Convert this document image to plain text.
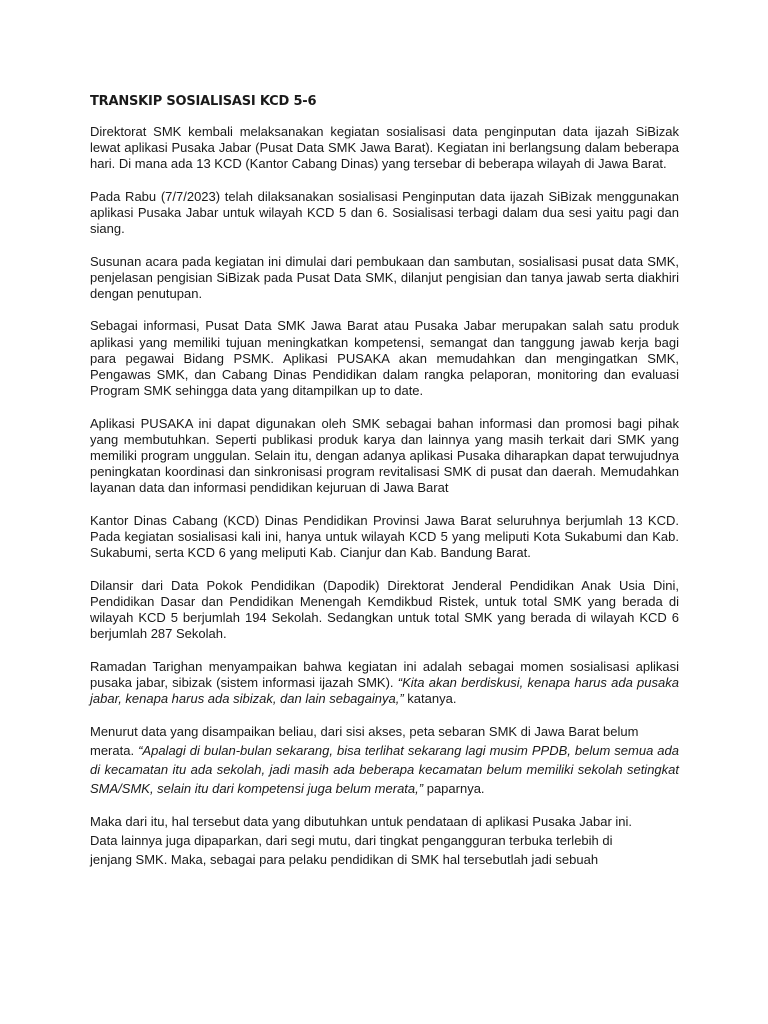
TRANSKIP SOSIALISASI KCD 5-6

Direktorat SMK kembali melaksanakan kegiatan sosialisasi data penginputan data ijazah SiBizak lewat aplikasi Pusaka Jabar (Pusat Data SMK Jawa Barat). Kegiatan ini berlangsung dalam beberapa hari. Di mana ada 13 KCD (Kantor Cabang Dinas) yang tersebar di beberapa wilayah di Jawa Barat.

Pada Rabu (7/7/2023) telah dilaksanakan sosialisasi Penginputan data ijazah SiBizak menggunakan aplikasi Pusaka Jabar untuk wilayah KCD 5 dan 6. Sosialisasi terbagi dalam dua sesi yaitu pagi dan siang.

Susunan acara pada kegiatan ini dimulai dari pembukaan dan sambutan, sosialisasi pusat data SMK, penjelasan pengisian SiBizak pada Pusat Data SMK, dilanjut pengisian dan tanya jawab serta diakhiri dengan penutupan.

Sebagai informasi, Pusat Data SMK Jawa Barat atau Pusaka Jabar merupakan salah satu produk aplikasi yang memiliki tujuan meningkatkan kompetensi, semangat dan tanggung jawab kerja bagi para pegawai Bidang PSMK. Aplikasi PUSAKA akan memudahkan dan mengingatkan SMK, Pengawas SMK, dan Cabang Dinas Pendidikan dalam rangka pelaporan, monitoring dan evaluasi Program SMK sehingga data yang ditampilkan up to date.

Aplikasi PUSAKA ini dapat digunakan oleh SMK sebagai bahan informasi dan promosi bagi pihak yang membutuhkan. Seperti publikasi produk karya dan lainnya yang masih terkait dari SMK yang memiliki program unggulan. Selain itu, dengan adanya aplikasi Pusaka diharapkan dapat terwujudnya peningkatan koordinasi dan sinkronisasi program revitalisasi SMK di pusat dan daerah. Memudahkan layanan data dan informasi pendidikan kejuruan di Jawa Barat

Kantor Dinas Cabang (KCD) Dinas Pendidikan Provinsi Jawa Barat seluruhnya berjumlah 13 KCD. Pada kegiatan sosialisasi kali ini, hanya untuk wilayah KCD 5 yang meliputi Kota Sukabumi dan Kab. Sukabumi, serta KCD 6 yang meliputi Kab. Cianjur dan Kab. Bandung Barat.

Dilansir dari Data Pokok Pendidikan (Dapodik) Direktorat Jenderal Pendidikan Anak Usia Dini, Pendidikan Dasar dan Pendidikan Menengah Kemdikbud Ristek, untuk total SMK yang berada di wilayah KCD 5 berjumlah 194 Sekolah. Sedangkan untuk total SMK yang berada di wilayah KCD 6 berjumlah 287 Sekolah.

Ramadan Tarighan menyampaikan bahwa kegiatan ini adalah sebagai momen sosialisasi aplikasi pusaka jabar, sibizak (sistem informasi ijazah SMK). “Kita akan berdiskusi, kenapa harus ada pusaka jabar, kenapa harus ada sibizak, dan lain sebagainya,” katanya.

Menurut data yang disampaikan beliau, dari sisi akses, peta sebaran SMK di Jawa Barat belum
merata. “Apalagi di bulan-bulan sekarang, bisa terlihat sekarang lagi musim PPDB, belum semua ada di kecamatan itu ada sekolah, jadi masih ada beberapa kecamatan belum memiliki sekolah setingkat SMA/SMK, selain itu dari kompetensi juga belum merata,” paparnya.

Maka dari itu, hal tersebut data yang dibutuhkan untuk pendataan di aplikasi Pusaka Jabar ini.
Data lainnya juga dipaparkan, dari segi mutu, dari tingkat pengangguran terbuka terlebih di
jenjang SMK. Maka, sebagai para pelaku pendidikan di SMK hal tersebutlah jadi sebuah
